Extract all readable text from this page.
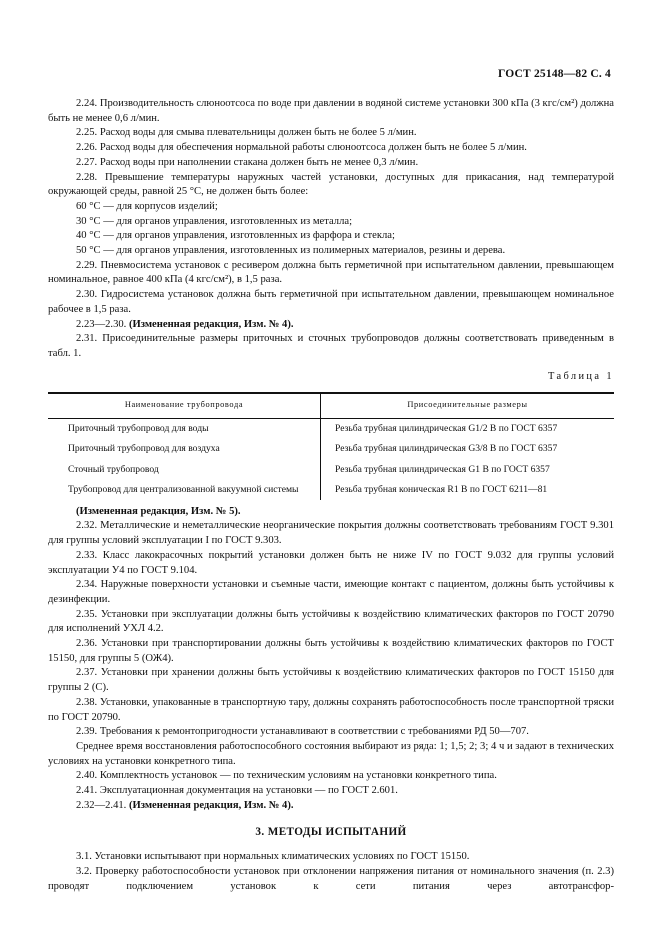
ГОСТ 25148—82 С. 4

2.24. Производительность слюноотсоса по воде при давлении в водяной системе установки 300 кПа (3 кгс/см²) должна быть не менее 0,6 л/мин.

2.25. Расход воды для смыва плевательницы должен быть не более 5 л/мин.

2.26. Расход воды для обеспечения нормальной работы слюноотсоса должен быть не более 5 л/мин.

2.27. Расход воды при наполнении стакана должен быть не менее 0,3 л/мин.

2.28. Превышение температуры наружных частей установки, доступных для прикасания, над температурой окружающей среды, равной 25 °С, не должен быть более:

60 °С — для корпусов изделий;

30 °С — для органов управления, изготовленных из металла;

40 °С — для органов управления, изготовленных из фарфора и стекла;

50 °С — для органов управления, изготовленных из полимерных материалов, резины и дерева.

2.29. Пневмосистема установок с ресивером должна быть герметичной при испытательном давлении, превышающем номинальное, равное 400 кПа (4 кгс/см²), в 1,5 раза.

2.30. Гидросистема установок должна быть герметичной при испытательном давлении, превышающем номинальное рабочее в 1,5 раза.

2.23—2.30. (Измененная редакция, Изм. № 4).

2.31. Присоединительные размеры приточных и сточных трубопроводов должны соответствовать приведенным в табл. 1.

Таблица 1
Наименование трубопровода	Присоединительные размеры
Приточный трубопровод для воды	Резьба трубная цилиндрическая G1/2 В по ГОСТ 6357
Приточный трубопровод для воздуха	Резьба трубная цилиндрическая G3/8 В по ГОСТ 6357
Сточный трубопровод	Резьба трубная цилиндрическая G1 В по ГОСТ 6357
Трубопровод для централизованной вакуумной системы	Резьба трубная коническая R1 В по ГОСТ 6211—81

(Измененная редакция, Изм. № 5).

2.32. Металлические и неметаллические неорганические покрытия должны соответствовать требованиям ГОСТ 9.301 для группы условий эксплуатации I по ГОСТ 9.303.

2.33. Класс лакокрасочных покрытий установки должен быть не ниже IV по ГОСТ 9.032 для группы условий эксплуатации У4 по ГОСТ 9.104.

2.34. Наружные поверхности установки и съемные части, имеющие контакт с пациентом, должны быть устойчивы к дезинфекции.

2.35. Установки при эксплуатации должны быть устойчивы к воздействию климатических факторов по ГОСТ 20790 для исполнений УХЛ 4.2.

2.36. Установки при транспортировании должны быть устойчивы к воздействию климатических факторов по ГОСТ 15150, для группы 5 (ОЖ4).

2.37. Установки при хранении должны быть устойчивы к воздействию климатических факторов по ГОСТ 15150 для группы 2 (С).

2.38. Установки, упакованные в транспортную тару, должны сохранять работоспособность после транспортной тряски по ГОСТ 20790.

2.39. Требования к ремонтопригодности устанавливают в соответствии с требованиями РД 50—707.

Среднее время восстановления работоспособного состояния выбирают из ряда: 1; 1,5; 2; 3; 4 ч и задают в технических условиях на установки конкретного типа.

2.40. Комплектность установок — по техническим условиям на установки конкретного типа.

2.41. Эксплуатационная документация на установки — по ГОСТ 2.601.

2.32—2.41. (Измененная редакция, Изм. № 4).

3. МЕТОДЫ ИСПЫТАНИЙ

3.1. Установки испытывают при нормальных климатических условиях по ГОСТ 15150.

3.2. Проверку работоспособности установок при отклонении напряжения питания от номинального значения (п. 2.3) проводят подключением установок к сети питания через автотрансфор-
